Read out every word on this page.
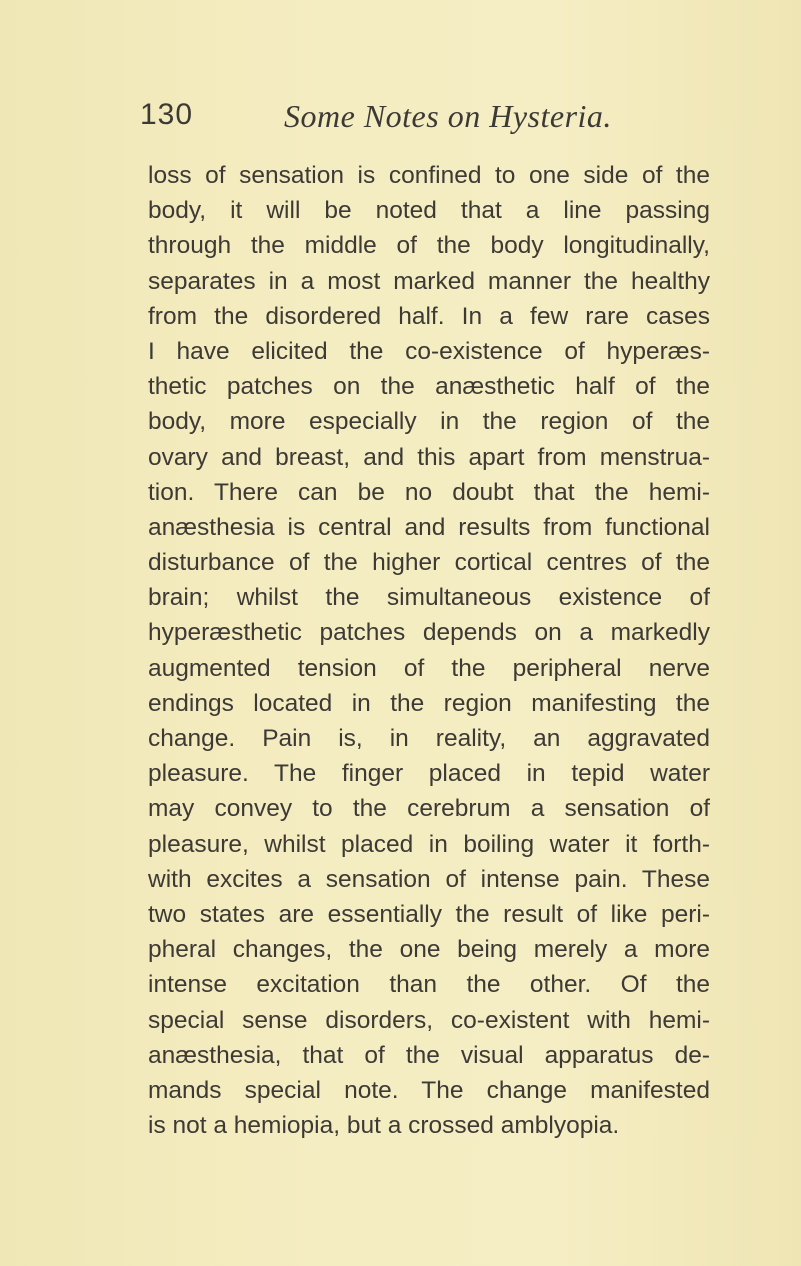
130	Some Notes on Hysteria.
loss of sensation is confined to one side of the
body, it will be noted that a line passing
through the middle of the body longitudinally,
separates in a most marked manner the healthy
from the disordered half. In a few rare cases
I have elicited the co-existence of hyperæs-
thetic patches on the anæsthetic half of the
body, more especially in the region of the
ovary and breast, and this apart from menstrua-
tion. There can be no doubt that the hemi-
anæsthesia is central and results from functional
disturbance of the higher cortical centres of the
brain; whilst the simultaneous existence of
hyperæsthetic patches depends on a markedly
augmented tension of the peripheral nerve
endings located in the region manifesting the
change. Pain is, in reality, an aggravated
pleasure. The finger placed in tepid water
may convey to the cerebrum a sensation of
pleasure, whilst placed in boiling water it forth-
with excites a sensation of intense pain. These
two states are essentially the result of like peri-
pheral changes, the one being merely a more
intense excitation than the other. Of the
special sense disorders, co-existent with hemi-
anæsthesia, that of the visual apparatus de-
mands special note. The change manifested
is not a hemiopia, but a crossed amblyopia.
